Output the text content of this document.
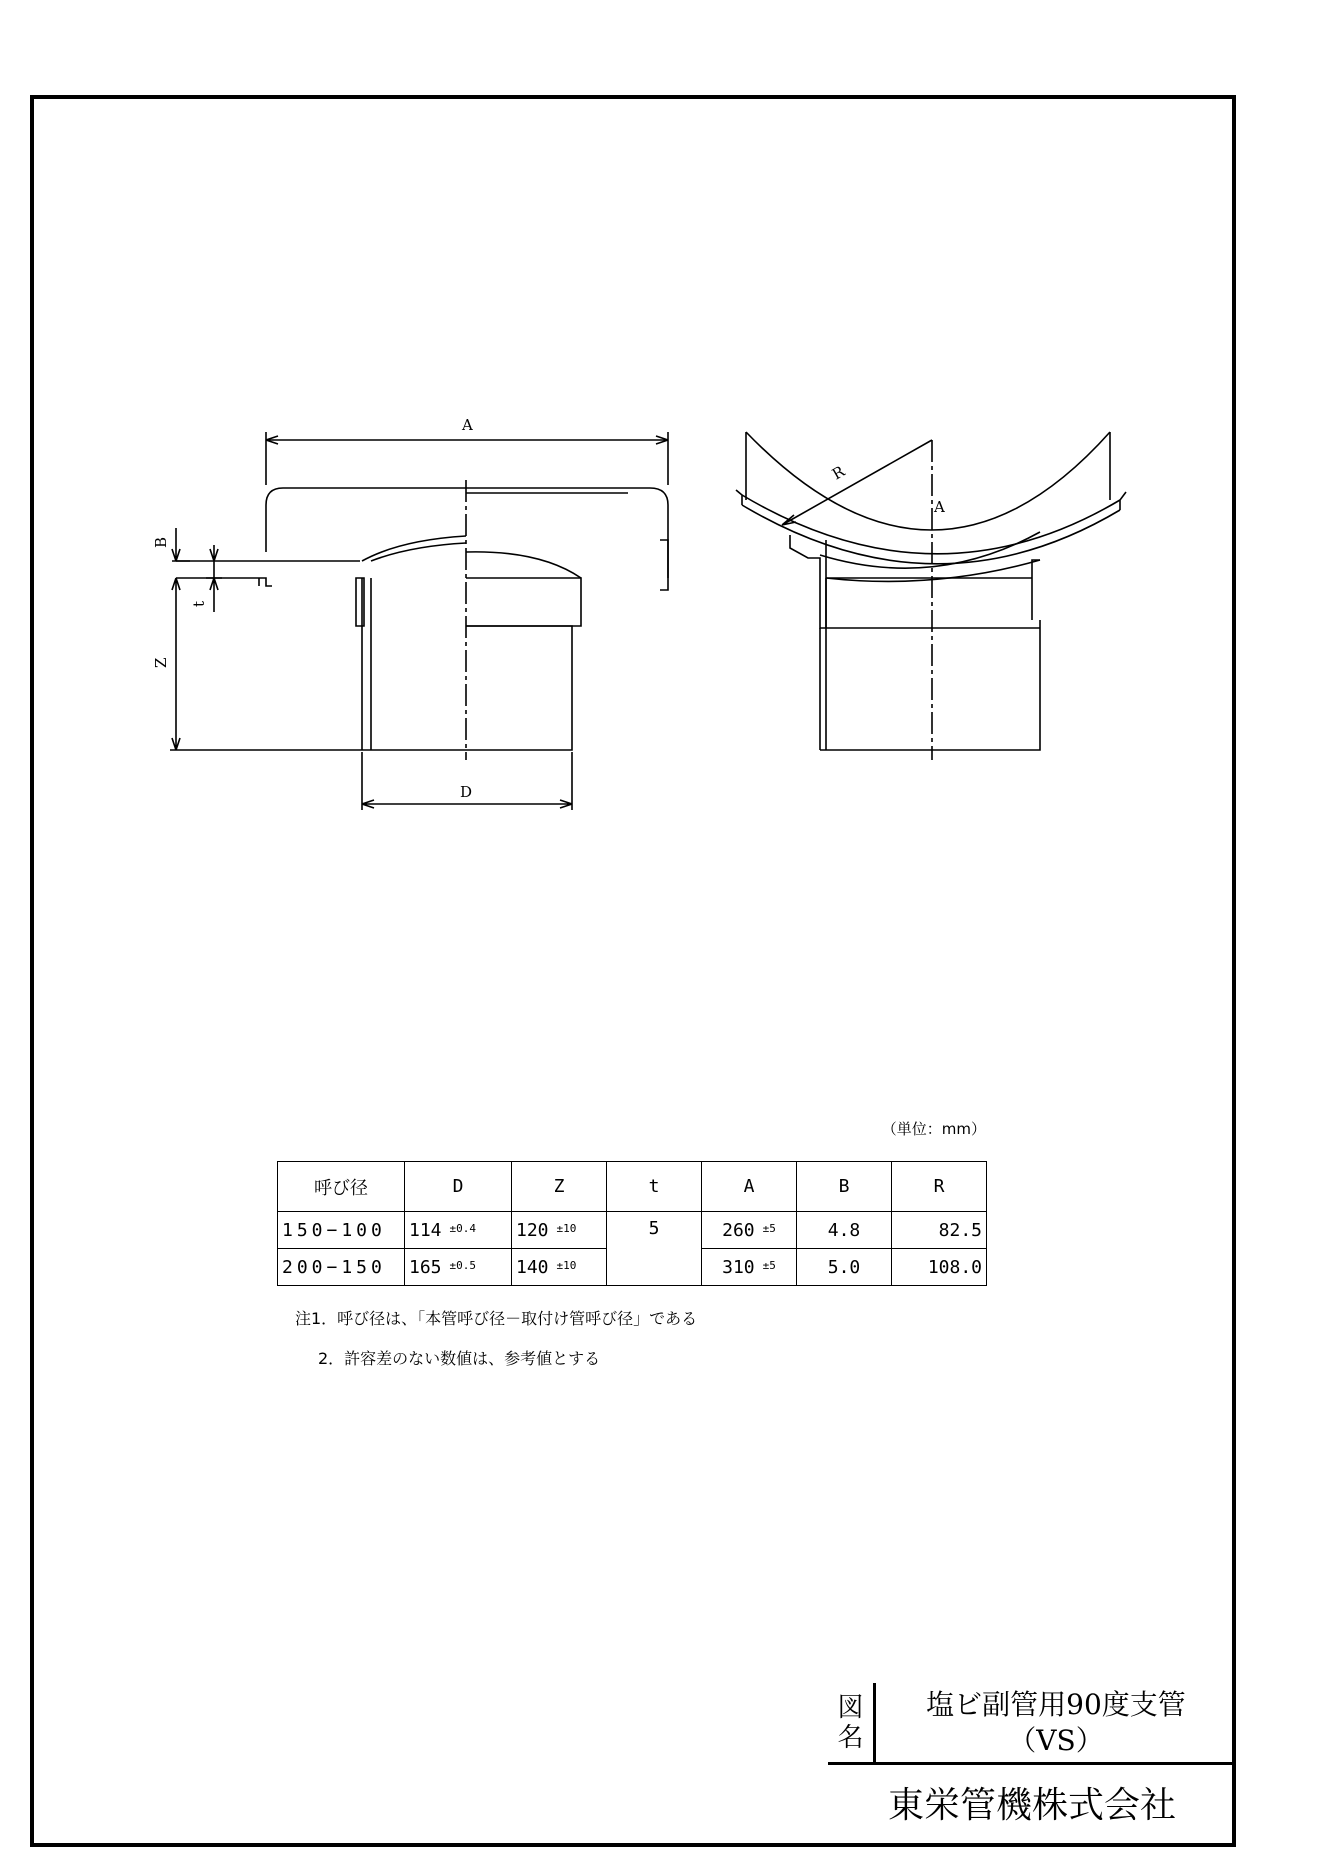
A
B
t
Z
D
R
A
（単位：mm）
呼び径	D	Z	t	A	B	R
150−100	114 $^{\pm 0.4}$	120 $^{\pm 10}$	5	260 $^{\pm 5}$	4.8	82.5
200−150	165 $^{\pm 0.5}$	140 $^{\pm 10}$		310 $^{\pm 5}$	5.0	108.0
注1．呼び径は、「本管呼び径－取付け管呼び径」である
2．許容差のない数値は、参考値とする
図
名
塩ビ副管用90度支管
（VS）
東栄管機株式会社
